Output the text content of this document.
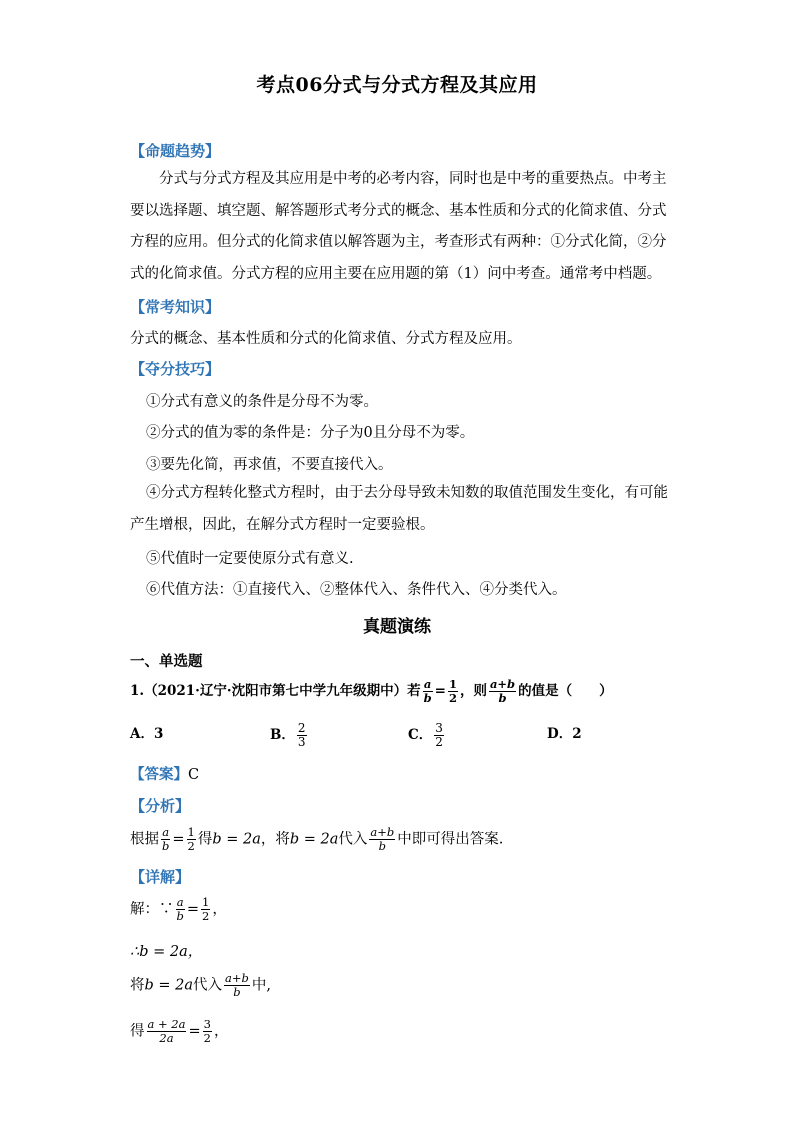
考点06分式与分式方程及其应用
【命题趋势】
分式与分式方程及其应用是中考的必考内容，同时也是中考的重要热点。中考主要以选择题、填空题、解答题形式考分式的概念、基本性质和分式的化简求值、分式方程的应用。但分式的化简求值以解答题为主，考查形式有两种：①分式化简，②分式的化简求值。分式方程的应用主要在应用题的第（1）问中考查。通常考中档题。
【常考知识】
分式的概念、基本性质和分式的化简求值、分式方程及应用。
【夺分技巧】
①分式有意义的条件是分母不为零。
②分式的值为零的条件是：分子为0且分母不为零。
③要先化简，再求值，不要直接代入。
④分式方程转化整式方程时，由于去分母导致未知数的取值范围发生变化，有可能产生增根，因此，在解分式方程时一定要验根。
⑤代值时一定要使原分式有意义.
⑥代值方法：①直接代入、②整体代入、条件代入、④分类代入。
真题演练
一、单选题
1.（2021·辽宁·沈阳市第七中学九年级期中）若 $\frac{a}{b} = \frac{1}{2}$ ，则 $\frac{a+b}{b}$ 的值是（　　）
A．3	B． $\frac{2}{3}$	C． $\frac{3}{2}$	D．2
【答案】C
【分析】
根据 $\frac{a}{b} = \frac{1}{2}$ 得b = 2a，将b = 2a代入 $\frac{a+b}{b}$ 中即可得出答案.
【详解】
解：∵ $\frac{a}{b} = \frac{1}{2}$ ，
∴b = 2a，
将b = 2a代入 $\frac{a+b}{b}$ 中,
得 $\frac{a + 2a}{2a} = \frac{3}{2}$ ，
